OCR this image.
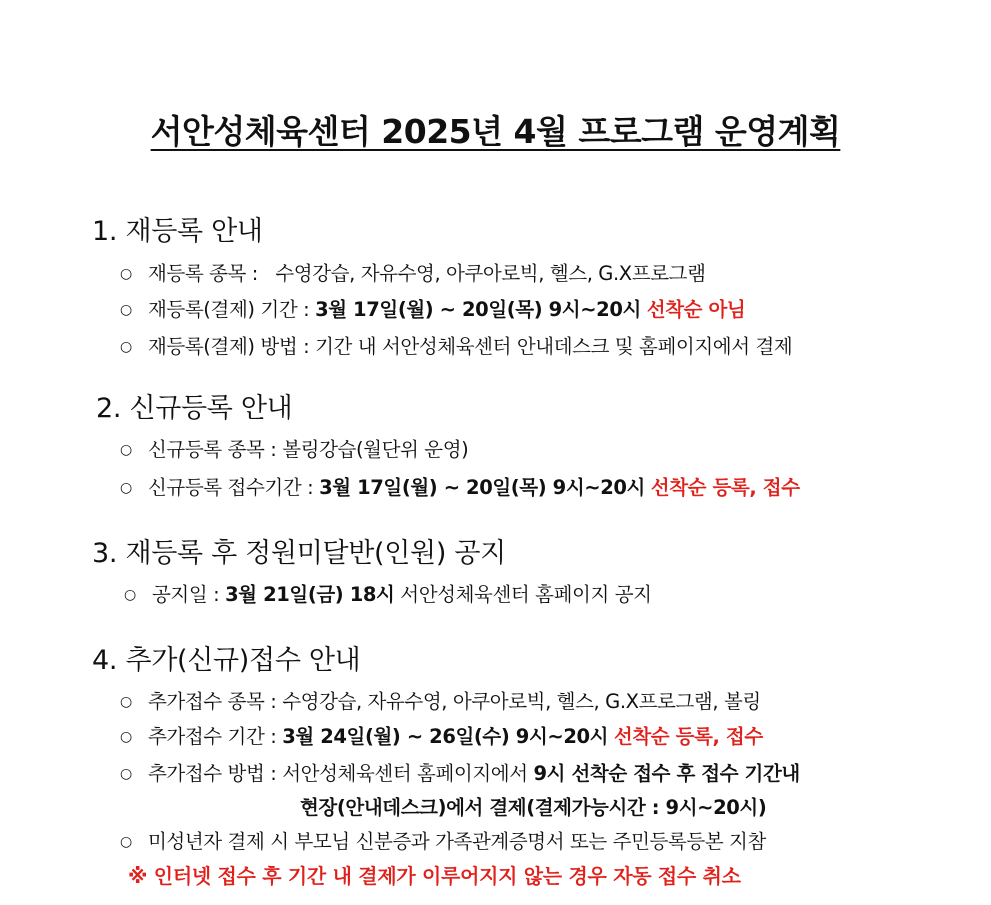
서안성체육센터 2025년 4월 프로그램 운영계획
1. 재등록 안내
○ 재등록 종목 : 수영강습, 자유수영, 아쿠아로빅, 헬스, G.X프로그램
○ 재등록(결제) 기간 : 3월 17일(월) ~ 20일(목) 9시~20시 선착순 아님
○ 재등록(결제) 방법 : 기간 내 서안성체육센터 안내데스크 및 홈페이지에서 결제
2. 신규등록 안내
○ 신규등록 종목 : 볼링강습(월단위 운영)
○ 신규등록 접수기간 : 3월 17일(월) ~ 20일(목) 9시~20시 선착순 등록, 접수
3. 재등록 후 정원미달반(인원) 공지
○ 공지일 : 3월 21일(금) 18시 서안성체육센터 홈페이지 공지
4. 추가(신규)접수 안내
○ 추가접수 종목 : 수영강습, 자유수영, 아쿠아로빅, 헬스, G.X프로그램, 볼링
○ 추가접수 기간 : 3월 24일(월) ~ 26일(수) 9시~20시 선착순 등록, 접수
○ 추가접수 방법 : 서안성체육센터 홈페이지에서 9시 선착순 접수 후 접수 기간내
현장(안내데스크)에서 결제(결제가능시간 : 9시~20시)
○ 미성년자 결제 시 부모님 신분증과 가족관계증명서 또는 주민등록등본 지참
※ 인터넷 접수 후 기간 내 결제가 이루어지지 않는 경우 자동 접수 취소
